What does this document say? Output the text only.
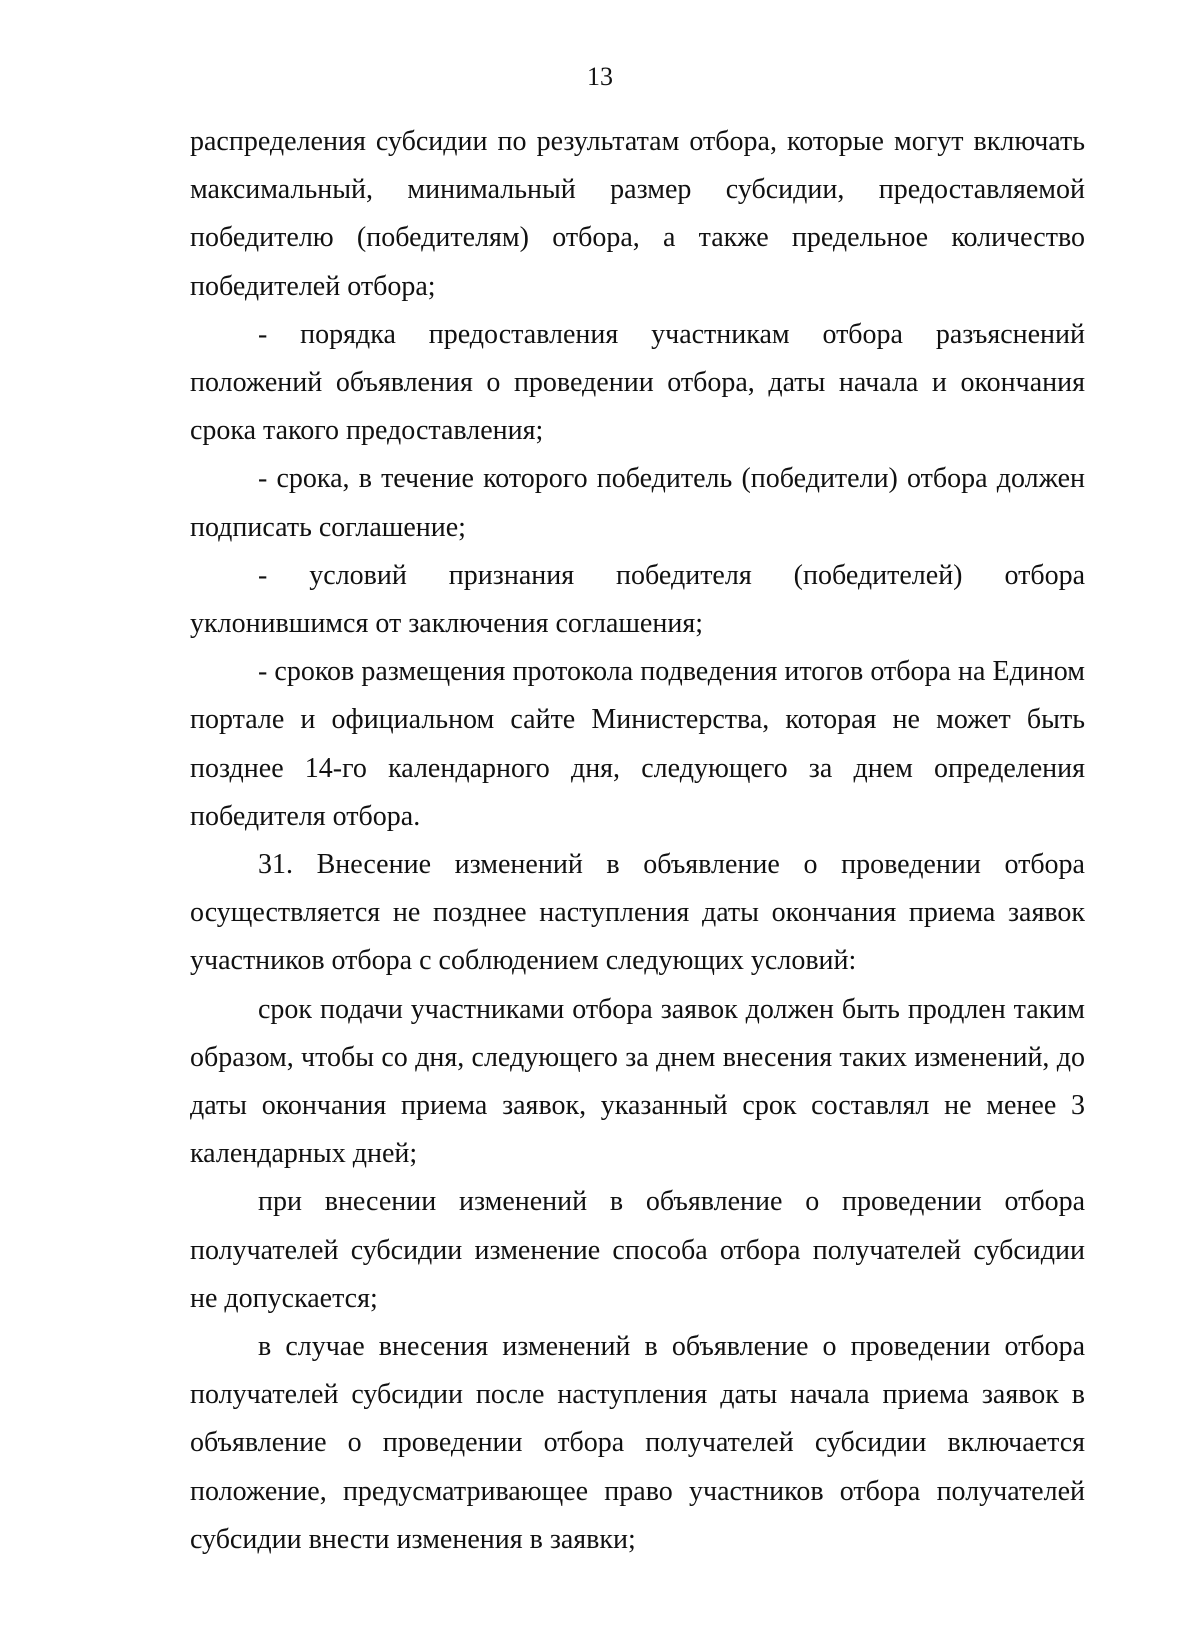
13

распределения субсидии по результатам отбора, которые могут включать максимальный, минимальный размер субсидии, предоставляемой победителю (победителям) отбора, а также предельное количество победителей отбора;

- порядка предоставления участникам отбора разъяснений положений объявления о проведении отбора, даты начала и окончания срока такого предоставления;

- срока, в течение которого победитель (победители) отбора должен подписать соглашение;

- условий признания победителя (победителей) отбора уклонившимся от заключения соглашения;

- сроков размещения протокола подведения итогов отбора на Едином портале и официальном сайте Министерства, которая не может быть позднее 14-го календарного дня, следующего за днем определения победителя отбора.

31. Внесение изменений в объявление о проведении отбора осуществляется не позднее наступления даты окончания приема заявок участников отбора с соблюдением следующих условий:

срок подачи участниками отбора заявок должен быть продлен таким образом, чтобы со дня, следующего за днем внесения таких изменений, до даты окончания приема заявок, указанный срок составлял не менее 3 календарных дней;

при внесении изменений в объявление о проведении отбора получателей субсидии изменение способа отбора получателей субсидии не допускается;

в случае внесения изменений в объявление о проведении отбора получателей субсидии после наступления даты начала приема заявок в объявление о проведении отбора получателей субсидии включается положение, предусматривающее право участников отбора получателей субсидии внести изменения в заявки;
